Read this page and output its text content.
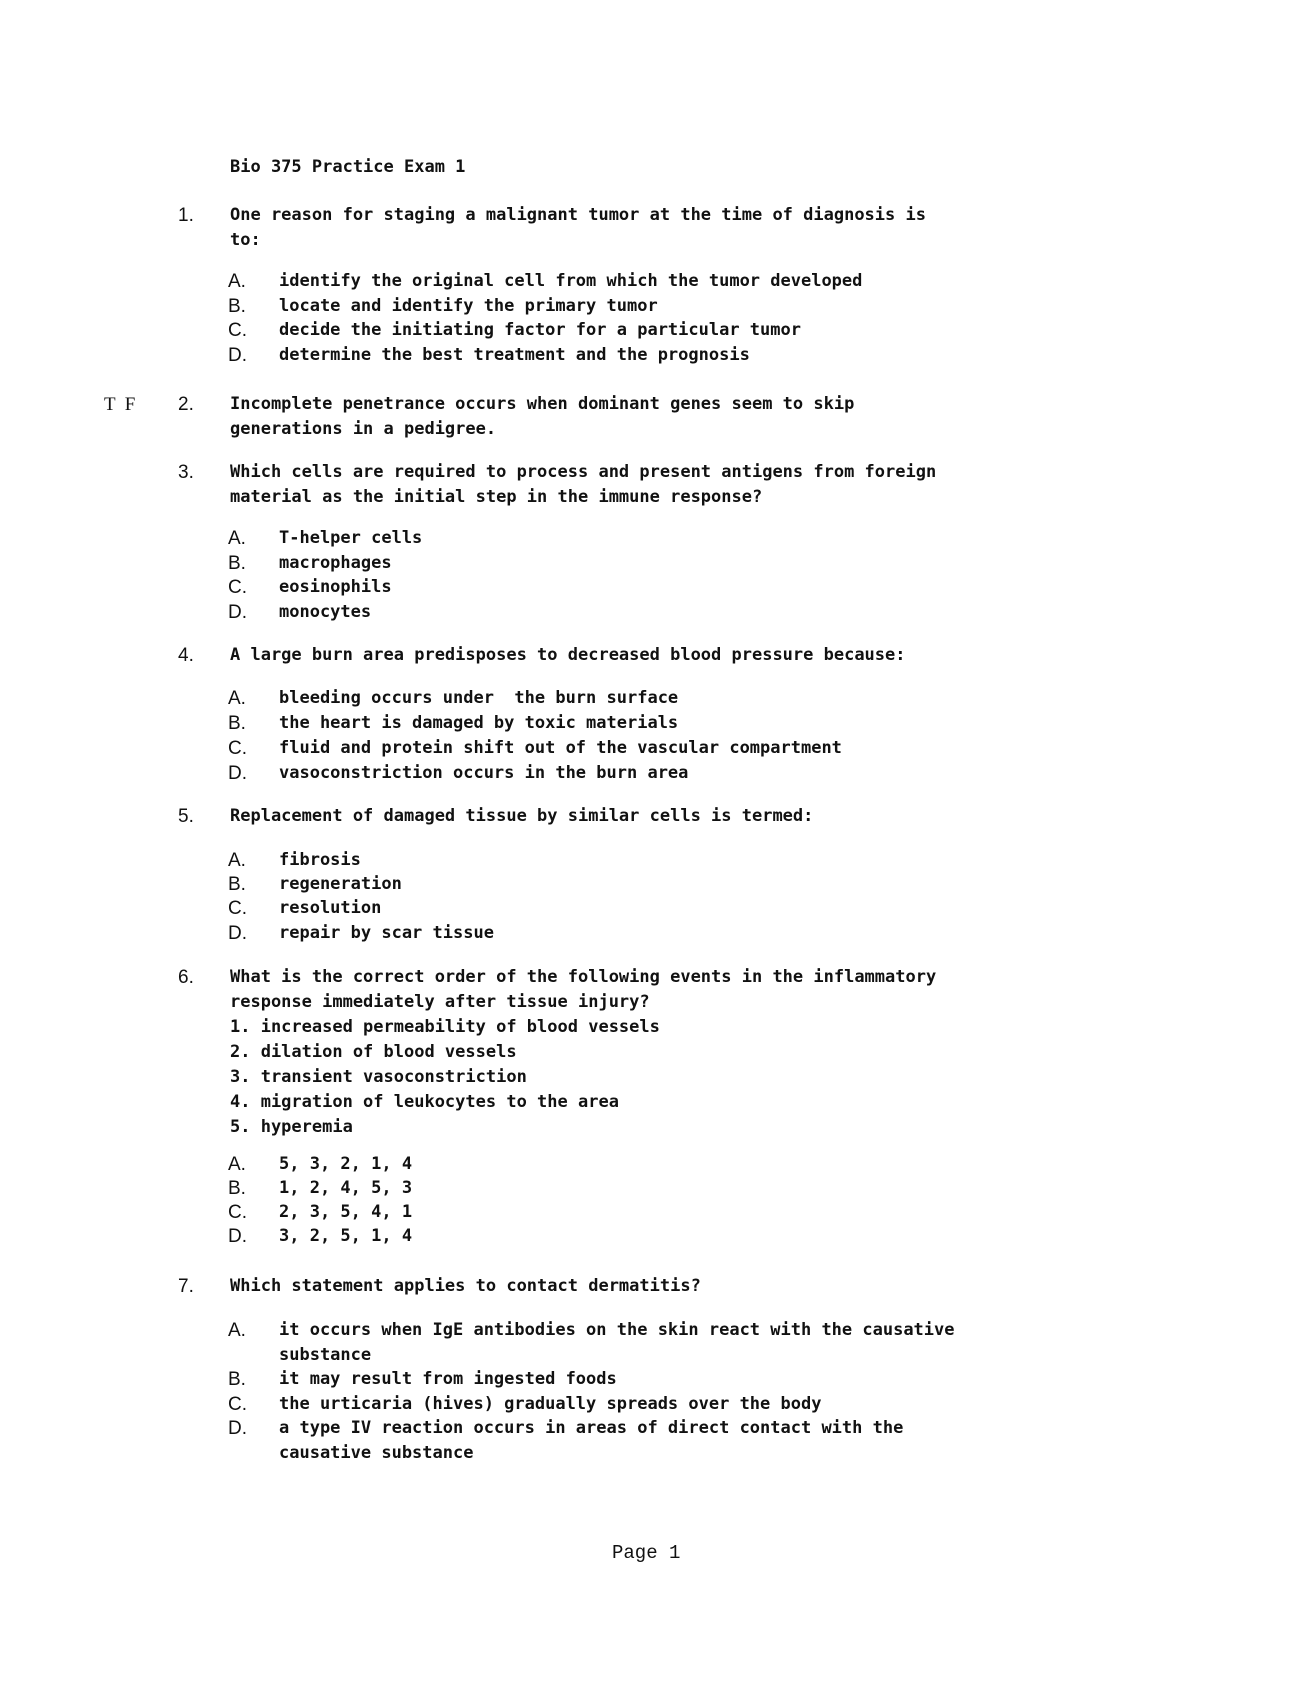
Bio 375 Practice Exam 1
1. One reason for staging a malignant tumor at the time of diagnosis is
to:
A. identify the original cell from which the tumor developed
B. locate and identify the primary tumor
C. decide the initiating factor for a particular tumor
D. determine the best treatment and the prognosis
T  F 2. Incomplete penetrance occurs when dominant genes seem to skip
generations in a pedigree.
3. Which cells are required to process and present antigens from foreign
material as the initial step in the immune response?
A. T-helper cells
B. macrophages
C. eosinophils
D. monocytes
4. A large burn area predisposes to decreased blood pressure because:
A. bleeding occurs under  the burn surface
B. the heart is damaged by toxic materials
C. fluid and protein shift out of the vascular compartment
D. vasoconstriction occurs in the burn area
5. Replacement of damaged tissue by similar cells is termed:
A. fibrosis
B. regeneration
C. resolution
D. repair by scar tissue
6. What is the correct order of the following events in the inflammatory
response immediately after tissue injury?
1. increased permeability of blood vessels
2. dilation of blood vessels
3. transient vasoconstriction
4. migration of leukocytes to the area
5. hyperemia
A. 5, 3, 2, 1, 4
B. 1, 2, 4, 5, 3
C. 2, 3, 5, 4, 1
D. 3, 2, 5, 1, 4
7. Which statement applies to contact dermatitis?
A. it occurs when IgE antibodies on the skin react with the causative
substance
B. it may result from ingested foods
C. the urticaria (hives) gradually spreads over the body
D. a type IV reaction occurs in areas of direct contact with the
causative substance
Page 1
